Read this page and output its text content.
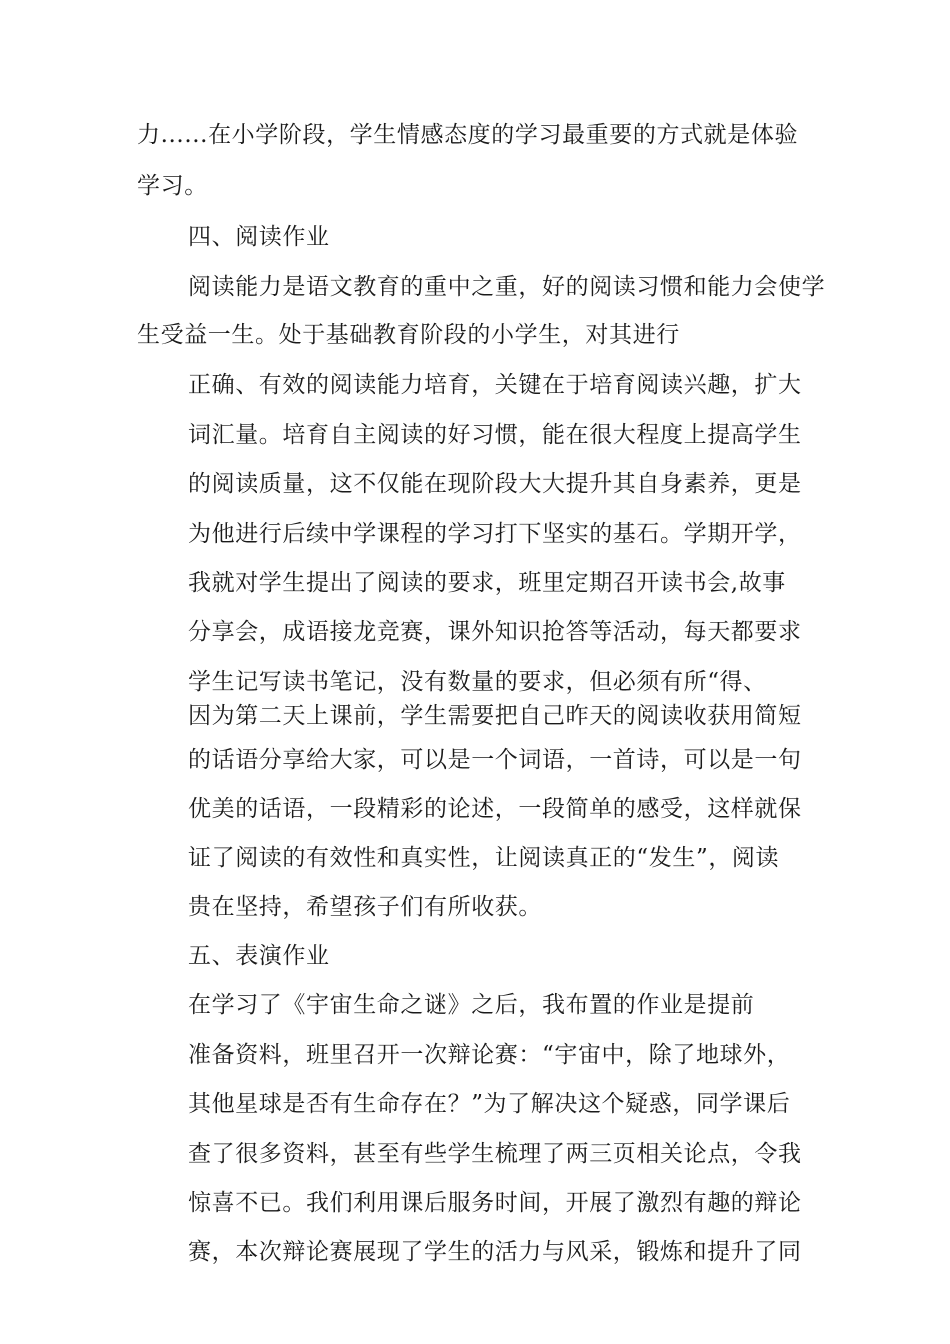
力......在小学阶段，学生情感态度的学习最重要的方式就是体验
学习。
四、阅读作业
阅读能力是语文教育的重中之重，好的阅读习惯和能力会使学
生受益一生。处于基础教育阶段的小学生，对其进行
正确、有效的阅读能力培育，关键在于培育阅读兴趣，扩大
词汇量。培育自主阅读的好习惯，能在很大程度上提高学生
的阅读质量，这不仅能在现阶段大大提升其自身素养，更是
为他进行后续中学课程的学习打下坚实的基石。学期开学，
我就对学生提出了阅读的要求，班里定期召开读书会,故事
分享会，成语接龙竞赛，课外知识抢答等活动，每天都要求
学生记写读书笔记，没有数量的要求，但必须有所“得、
因为第二天上课前，学生需要把自己昨天的阅读收获用简短
的话语分享给大家，可以是一个词语，一首诗，可以是一句
优美的话语，一段精彩的论述，一段简单的感受，这样就保
证了阅读的有效性和真实性，让阅读真正的“发生”，阅读
贵在坚持，希望孩子们有所收获。
五、表演作业
在学习了《宇宙生命之谜》之后，我布置的作业是提前
准备资料，班里召开一次辩论赛：“宇宙中，除了地球外，
其他星球是否有生命存在？”为了解决这个疑惑，同学课后
查了很多资料，甚至有些学生梳理了两三页相关论点，令我
惊喜不已。我们利用课后服务时间，开展了激烈有趣的辩论
赛，本次辩论赛展现了学生的活力与风采，锻炼和提升了同
